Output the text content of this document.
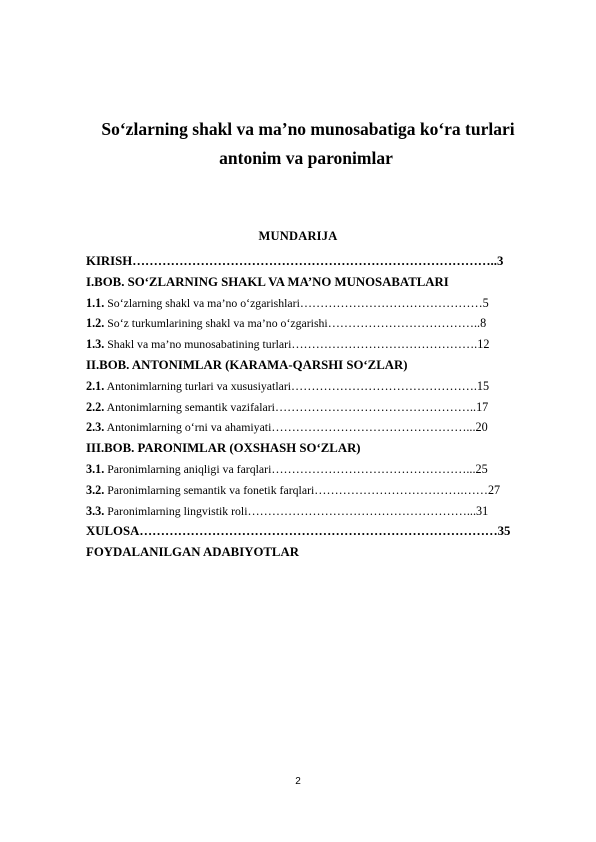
So‘zlarning shakl va ma’no munosabatiga ko‘ra turlari
antonim va paronimlar
MUNDARIJA
KIRISH…………………………………………………………………………..3
I.BOB. SO‘ZLARNING SHAKL VA MA’NO MUNOSABATLARI
1.1. So‘zlarning shakl va ma’no o‘zgarishlari………………………………………5
1.2. So‘z turkumlarining shakl va ma’no o‘zgarishi………………………………..8
1.3. Shakl va ma’no munosabatining turlari……………………………………….12
II.BOB. ANTONIMLAR (KARAMA-QARSHI SO‘ZLAR)
2.1. Antonimlarning turlari va xususiyatlari……………………………………….15
2.2. Antonimlarning semantik vazifalari…………………………………………..17
2.3. Antonimlarning o‘rni va ahamiyati…………………………………………...20
III.BOB. PARONIMLAR (OXSHASH SO‘ZLAR)
3.1. Paronimlarning aniqligi va farqlari…………………………………………...25
3.2. Paronimlarning semantik va fonetik farqlari……………………………….……27
3.3. Paronimlarning lingvistik roli………………………………………………...31
XULOSA…………………………………………………………………………35
FOYDALANILGAN ADABIYOTLAR
2
